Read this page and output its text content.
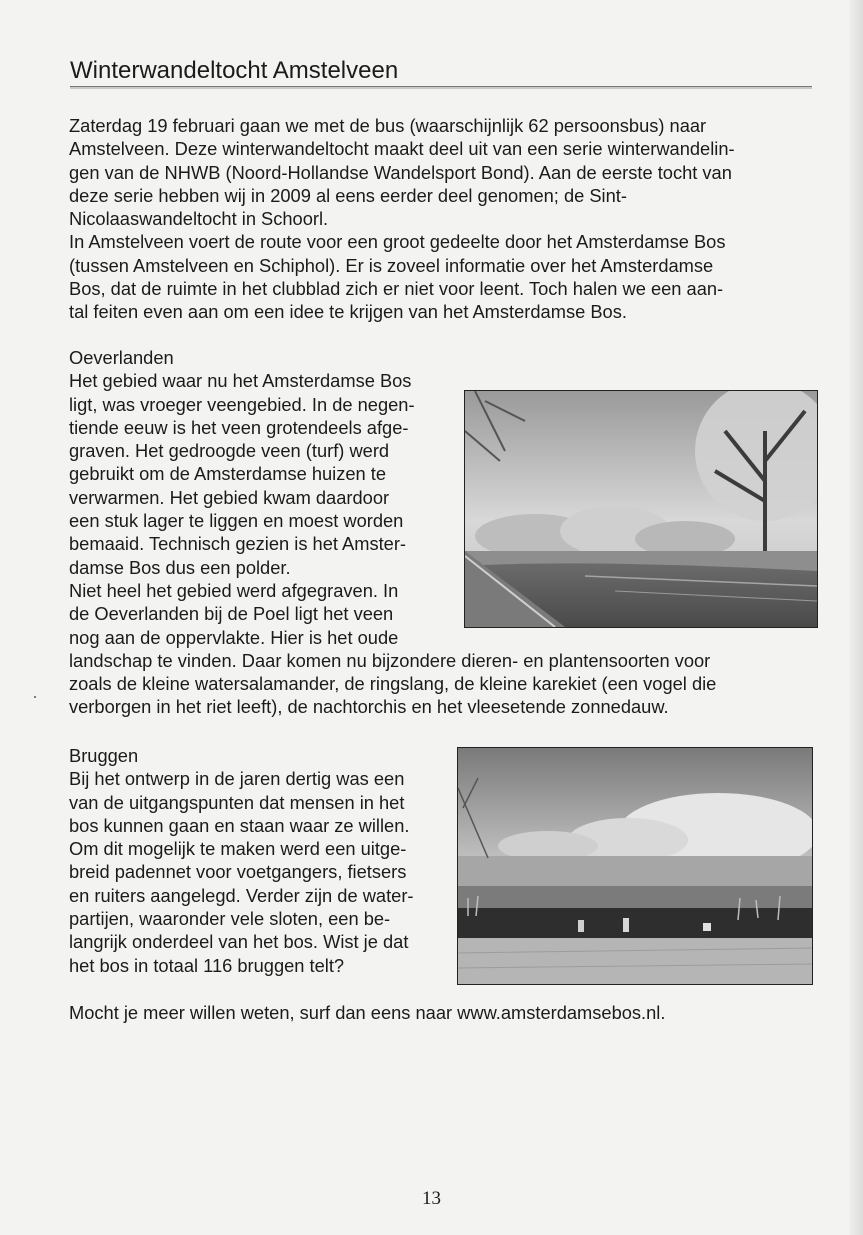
Winterwandeltocht Amstelveen
Zaterdag 19 februari gaan we met de bus (waarschijnlijk 62 persoonsbus) naar
Amstelveen. Deze winterwandeltocht maakt deel uit van een serie winterwandelin-
gen van de NHWB (Noord-Hollandse Wandelsport Bond). Aan de eerste tocht van
deze serie hebben wij in 2009 al eens eerder deel genomen; de Sint-
Nicolaaswandeltocht in Schoorl.
In Amstelveen voert de route voor een groot gedeelte door het Amsterdamse Bos
(tussen Amstelveen en Schiphol). Er is zoveel informatie over het Amsterdamse
Bos, dat de ruimte in het clubblad zich er niet voor leent. Toch halen we een aan-
tal feiten even aan om een idee te krijgen van het Amsterdamse Bos.
Oeverlanden
Het gebied waar nu het Amsterdamse Bos
ligt, was vroeger veengebied. In de negen-
tiende eeuw is het veen grotendeels afge-
graven. Het gedroogde veen (turf) werd
gebruikt om de Amsterdamse huizen te
verwarmen. Het gebied kwam daardoor
een stuk lager te liggen en moest worden
bemaaid. Technisch gezien is het Amster-
damse Bos dus een polder.
Niet heel het gebied werd afgegraven. In
de Oeverlanden bij de Poel ligt het veen
nog aan de oppervlakte. Hier is het oude
landschap te vinden. Daar komen nu bijzondere dieren- en plantensoorten voor
zoals de kleine watersalamander, de ringslang, de kleine karekiet (een vogel die
verborgen in het riet leeft), de nachtorchis en het vleesetende zonnedauw.
Bruggen
Bij het ontwerp in de jaren dertig was een
van de uitgangspunten dat mensen in het
bos kunnen gaan en staan waar ze willen.
Om dit mogelijk te maken werd een uitge-
breid padennet voor voetgangers, fietsers
en ruiters aangelegd. Verder zijn de water-
partijen, waaronder vele sloten, een be-
langrijk onderdeel van het bos. Wist je dat
het bos in totaal 116 bruggen telt?
Mocht je meer willen weten, surf dan eens naar www.amsterdamsebos.nl.
13
